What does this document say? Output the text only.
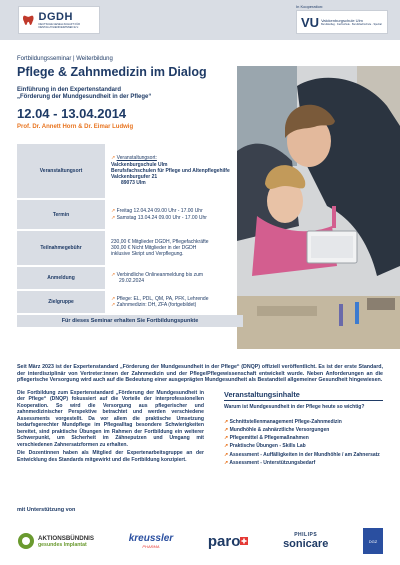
DGDH
DEUTSCHE GESELLSCHAFT FÜR DENTALHYGIENIKER/INNEN E.V.
In Kooperation:
VU Valckenburgschule Ulm
Berufskolleg · Fachschule · Berufsfachschule · Spezial
Fortbildungsseminar | Weiterbildung
Pflege & Zahnmedizin im Dialog
Einführung in den Expertenstandard
„Förderung der Mundgesundheit in der Pflege“
12.04 - 13.04.2014
Prof. Dr. Annett Horn & Dr. Eimar Ludwig
Veranstaltungsort
↗ Veranstaltungsort:
Valckenburgschule Ulm
Berufsfachschulen für Pflege und Altenpflegehilfe
Valckenburgufer 21
89073 Ulm
Termin
↗ Freitag 12.04.24 09.00 Uhr - 17.00 Uhr
↗ Samstag 13.04.24 09.00 Uhr - 17.00 Uhr
Teilnahmegebühr
230,00 € Mitglieder DGDH, Pflegefachkräfte
300,00 € Nicht Mitglieder in der DGDH
inklusive Skript und Verpflegung.
Anmeldung
↗ Verbindliche Onlineanmeldung bis zum
29.02.2024
Zielgruppe
↗ Pflege: EL, PDL, QM, PA, PFK, Lehrende
↗ Zahnmedizin: DH, ZFA (fortgebildet)
Für dieses Seminar erhalten Sie Fortbildungspunkte
Seit März 2023 ist der Expertenstandard „Förderung der Mundgesundheit in der Pflege“ (DNQP) offiziell veröffentlicht. Es ist der erste Standard, der interdisziplinär von Vertreter:innen der Zahnmedizin und der Pflege/Pflegewissenschaft entwickelt wurde. Neben Anforderungen an die pflegerische Versorgung wird auch auf die Bedeutung einer ausgeprägten Mundgesundheit als Bestandteil allgemeiner Gesundheit hingewiesen.

Die Fortbildung zum Expertenstandard „Förderung der Mundgesundheit in der Pflege“ (DNQP) fokussiert auf die Vorteile der interprofessionellen Kooperation. So wird die Versorgung aus pflegerischer und zahnmedizinischer Perspektive betrachtet und werden verschiedene Assessments vorgestellt. Da vor allem die praktische Umsetzung bedarfsgerechter Mundpflege im Pflegealltag besondere Schwierigkeiten bereitet, sind praktische Übungen im Rahmen der Fortbildung ein weiterer Schwerpunkt, um Sicherheit im Zähneputzen und Umgang mit verschiedenen Zahnersatzformen zu erhalten.

Die Dozentinnen haben als Mitglied der Expertenarbeitsgruppe an der Entwicklung des Standards mitgewirkt und die Fortbildung konzipiert.

Veranstaltungsinhalte
Warum ist Mundgesundheit in der Pflege heute so wichtig?
↗ Schnittstellenmanagement Pflege-Zahnmedizin
↗ Mundhöhle & zahnärztliche Versorgungen
↗ Pflegemittel & Pflegemaßnahmen
↗ Praktische Übungen - Skills Lab
↗ Assessment - Auffälligkeiten in der Mundhöhle / am Zahnersatz
↗ Assessment - Unterstützungsbedarf
mit Unterstützung von
AKTIONSBÜNDNIS
gesundes Implantat
kreussler
PHARMA	paro	PHILIPS
sonicare	DGZ
